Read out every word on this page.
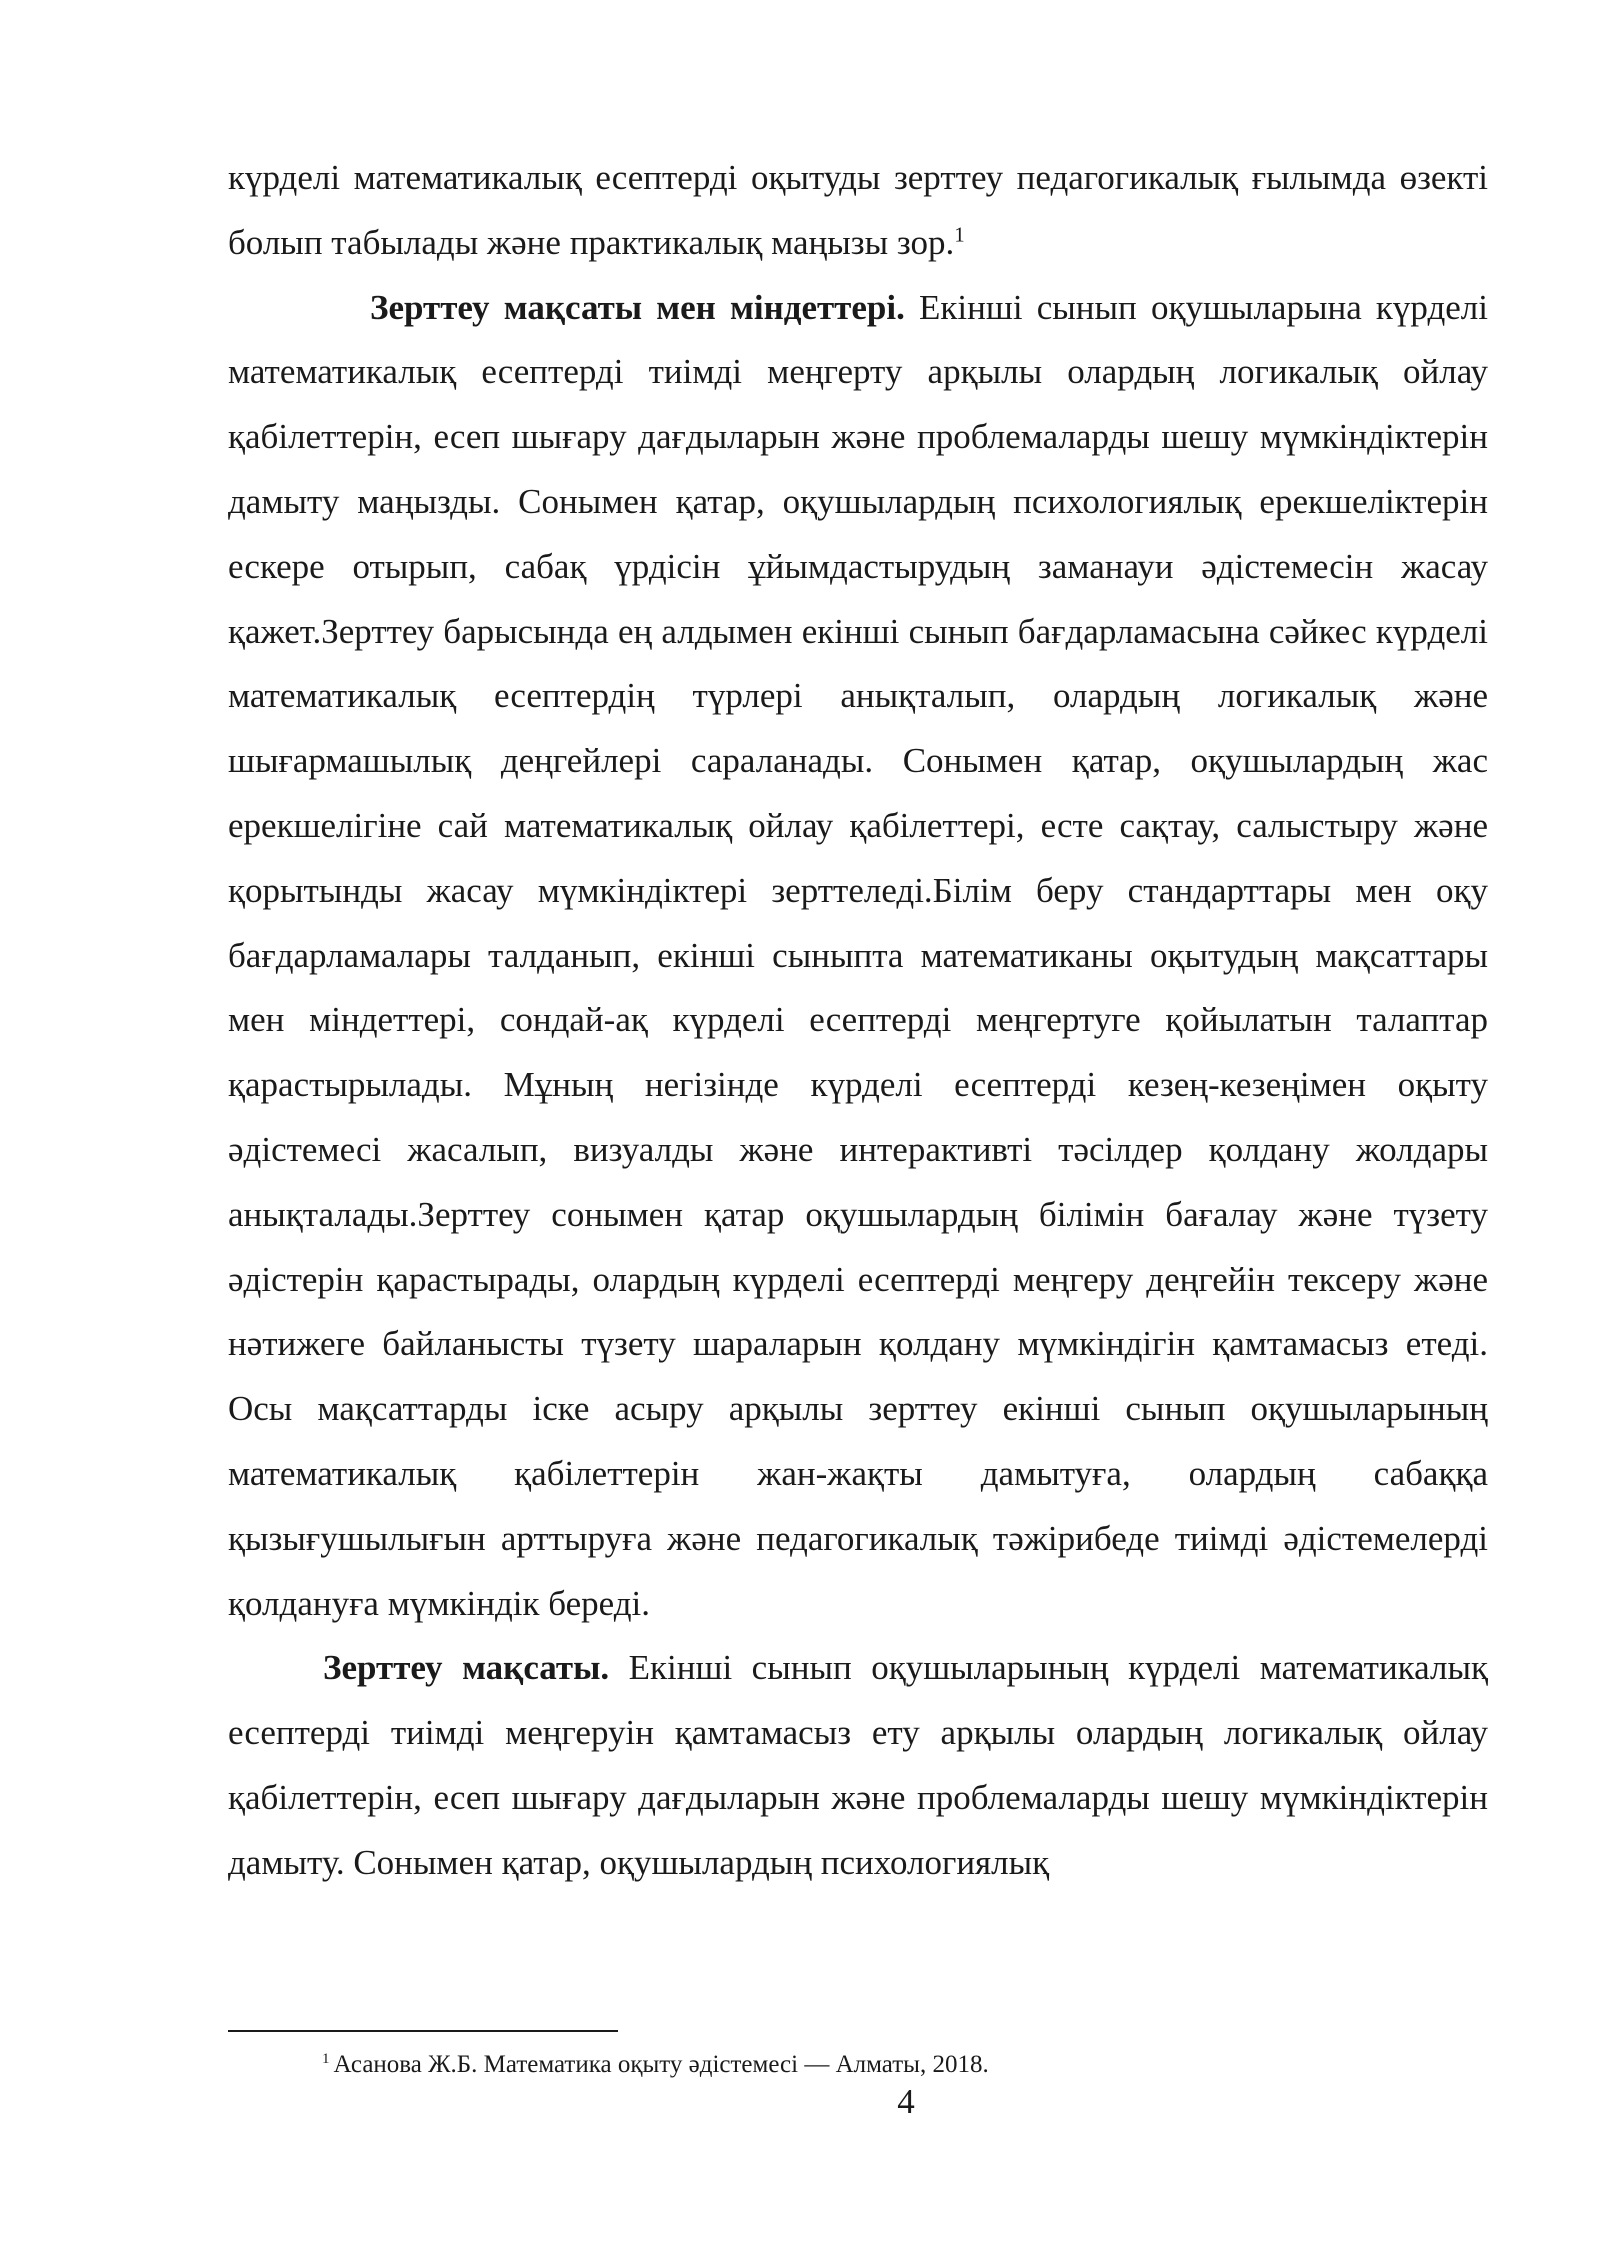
күрделі математикалық есептерді оқытуды зерттеу педагогикалық ғылымда өзекті болып табылады және практикалық маңызы зор.$^1$

Зерттеу мақсаты мен міндеттері. Екінші сынып оқушыларына күрделі математикалық есептерді тиімді меңгерту арқылы олардың логикалық ойлау қабілеттерін, есеп шығару дағдыларын және проблемаларды шешу мүмкіндіктерін дамыту маңызды. Сонымен қатар, оқушылардың психологиялық ерекшеліктерін ескере отырып, сабақ үрдісін ұйымдастырудың заманауи әдістемесін жасау қажет.Зерттеу барысында ең алдымен екінші сынып бағдарламасына сәйкес күрделі математикалық есептердің түрлері анықталып, олардың логикалық және шығармашылық деңгейлері сараланады. Сонымен қатар, оқушылардың жас ерекшелігіне сай математикалық ойлау қабілеттері, есте сақтау, салыстыру және қорытынды жасау мүмкіндіктері зерттеледі.Білім беру стандарттары мен оқу бағдарламалары талданып, екінші сыныпта математиканы оқытудың мақсаттары мен міндеттері, сондай-ақ күрделі есептерді меңгертуге қойылатын талаптар қарастырылады. Мұның негізінде күрделі есептерді кезең-кезеңімен оқыту әдістемесі жасалып, визуалды және интерактивті тәсілдер қолдану жолдары анықталады.Зерттеу сонымен қатар оқушылардың білімін бағалау және түзету әдістерін қарастырады, олардың күрделі есептерді меңгеру деңгейін тексеру және нәтижеге байланысты түзету шараларын қолдану мүмкіндігін қамтамасыз етеді. Осы мақсаттарды іске асыру арқылы зерттеу екінші сынып оқушыларының математикалық қабілеттерін жан-жақты дамытуға, олардың сабаққа қызығушылығын арттыруға және педагогикалық тәжірибеде тиімді әдістемелерді қолдануға мүмкіндік береді.

Зерттеу мақсаты. Екінші сынып оқушыларының күрделі математикалық есептерді тиімді меңгеруін қамтамасыз ету арқылы олардың логикалық ойлау қабілеттерін, есеп шығару дағдыларын және проблемаларды шешу мүмкіндіктерін дамыту. Сонымен қатар, оқушылардың психологиялық

$^1$ Асанова Ж.Б. Математика оқыту әдістемесі — Алматы, 2018.
4
